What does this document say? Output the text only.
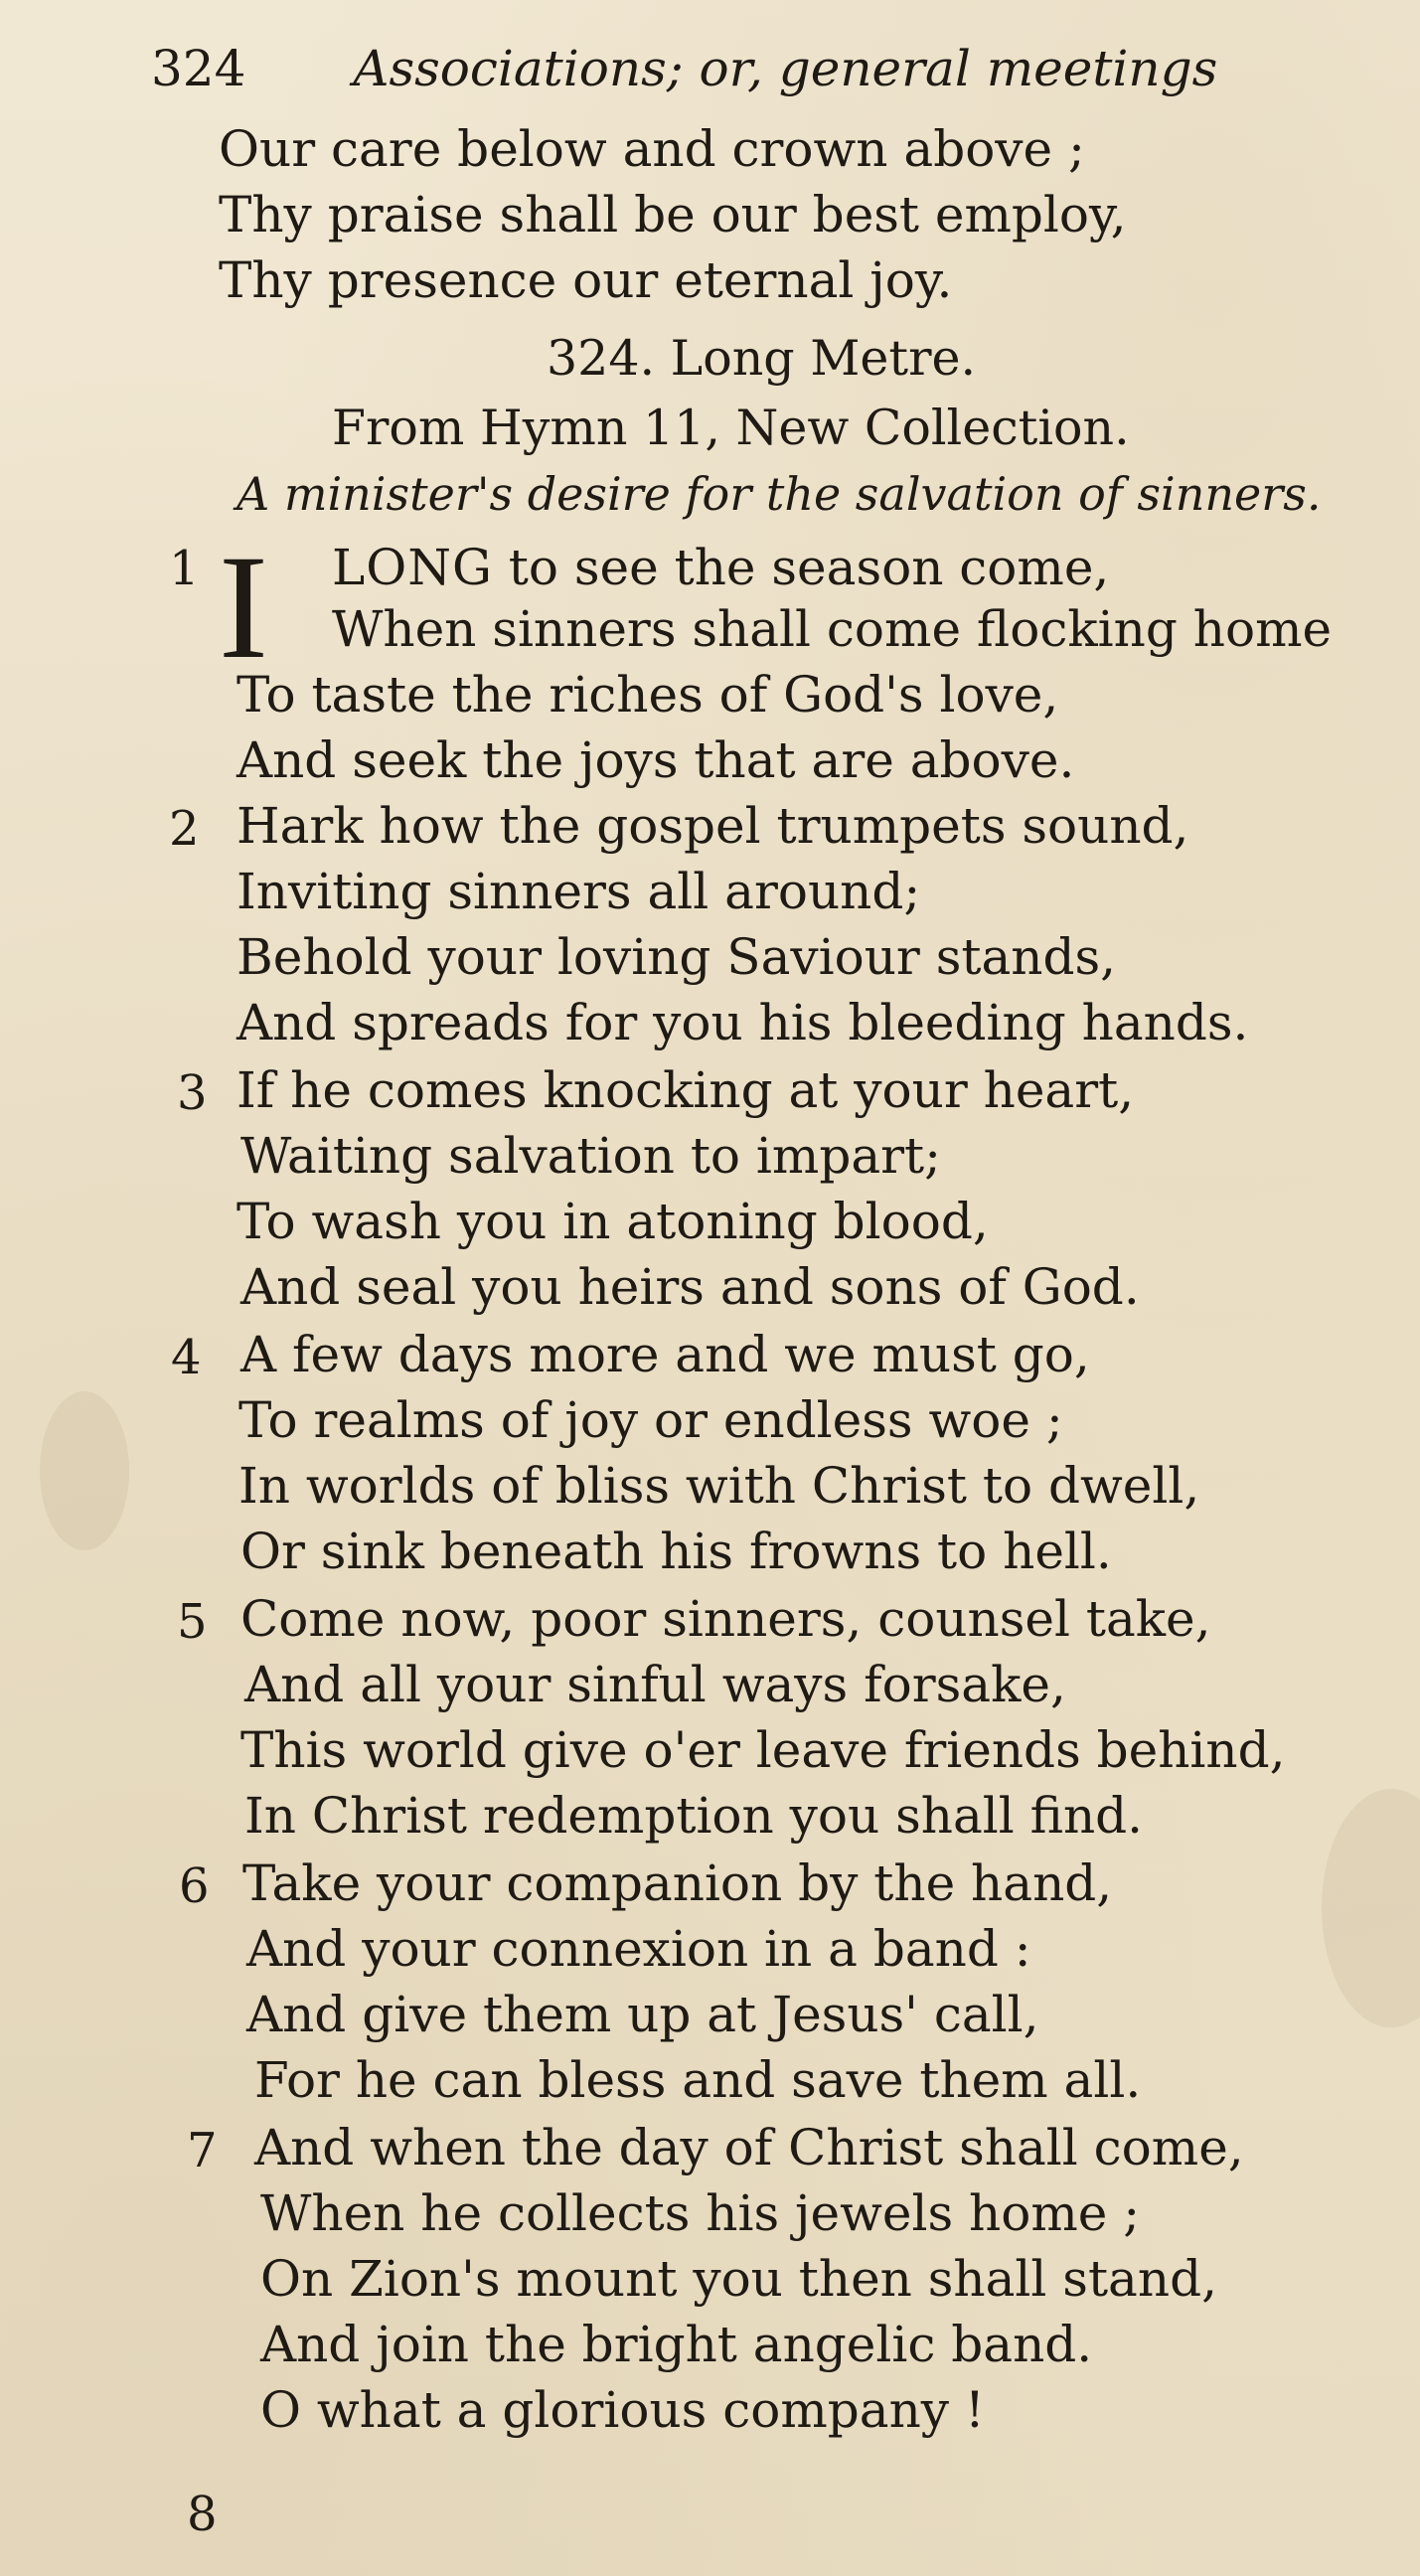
324 Associations; or, general meetings
Our care below and crown above ;
Thy praise shall be our best employ,
Thy presence our eternal joy.
324. Long Metre.
From Hymn 11, New Collection.
A minister's desire for the salvation of sinners.
1 I LONG to see the season come,
When sinners shall come flocking home
To taste the riches of God's love,
And seek the joys that are above.
2 Hark how the gospel trumpets sound,
Inviting sinners all around;
Behold your loving Saviour stands,
And spreads for you his bleeding hands.
3 If he comes knocking at your heart,
Waiting salvation to impart;
To wash you in atoning blood,
And seal you heirs and sons of God.
4 A few days more and we must go,
To realms of joy or endless woe ;
In worlds of bliss with Christ to dwell,
Or sink beneath his frowns to hell.
5 Come now, poor sinners, counsel take,
And all your sinful ways forsake,
This world give o'er leave friends behind,
In Christ redemption you shall find.
6 Take your companion by the hand,
And your connexion in a band :
And give them up at Jesus' call,
For he can bless and save them all.
7 And when the day of Christ shall come,
When he collects his jewels home ;
On Zion's mount you then shall stand,
And join the bright angelic band.
8
O what a glorious company !
